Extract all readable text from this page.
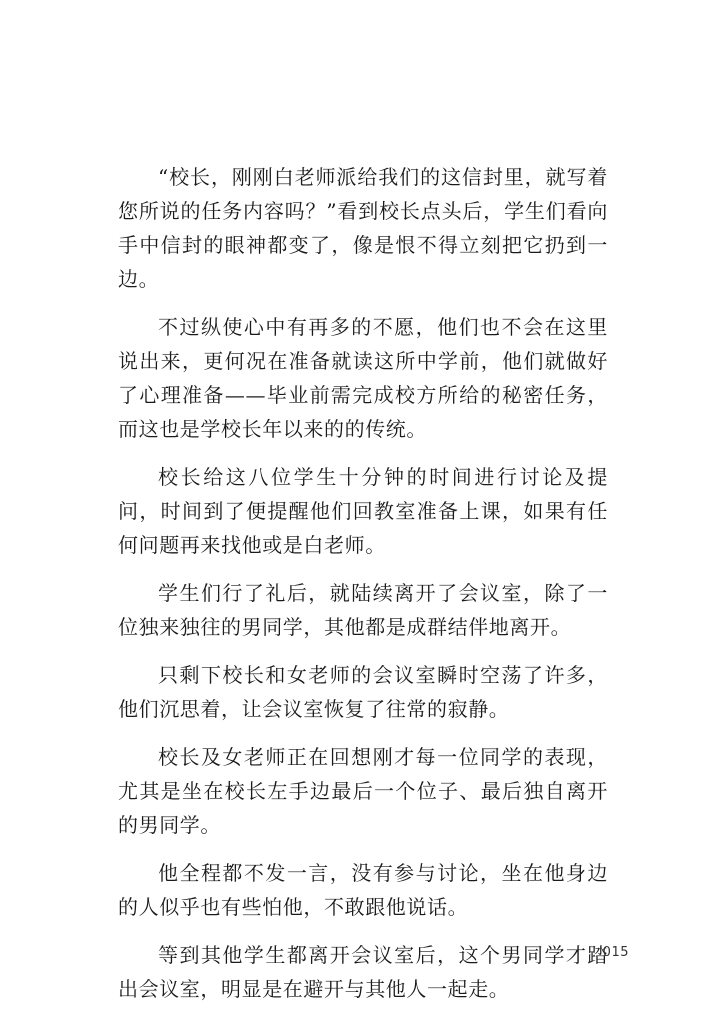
“校长，刚刚白老师派给我们的这信封里，就写着您所说的任务内容吗？”看到校长点头后，学生们看向手中信封的眼神都变了，像是恨不得立刻把它扔到一边。

不过纵使心中有再多的不愿，他们也不会在这里说出来，更何况在准备就读这所中学前，他们就做好了心理准备——毕业前需完成校方所给的秘密任务，而这也是学校长年以来的的传统。

校长给这八位学生十分钟的时间进行讨论及提问，时间到了便提醒他们回教室准备上课，如果有任何问题再来找他或是白老师。

学生们行了礼后，就陆续离开了会议室，除了一位独来独往的男同学，其他都是成群结伴地离开。

只剩下校长和女老师的会议室瞬时空荡了许多，他们沉思着，让会议室恢复了往常的寂静。

校长及女老师正在回想刚才每一位同学的表现，尤其是坐在校长左手边最后一个位子、最后独自离开的男同学。

他全程都不发一言，没有参与讨论，坐在他身边的人似乎也有些怕他，不敢跟他说话。

等到其他学生都离开会议室后，这个男同学才踏出会议室，明显是在避开与其他人一起走。

015
